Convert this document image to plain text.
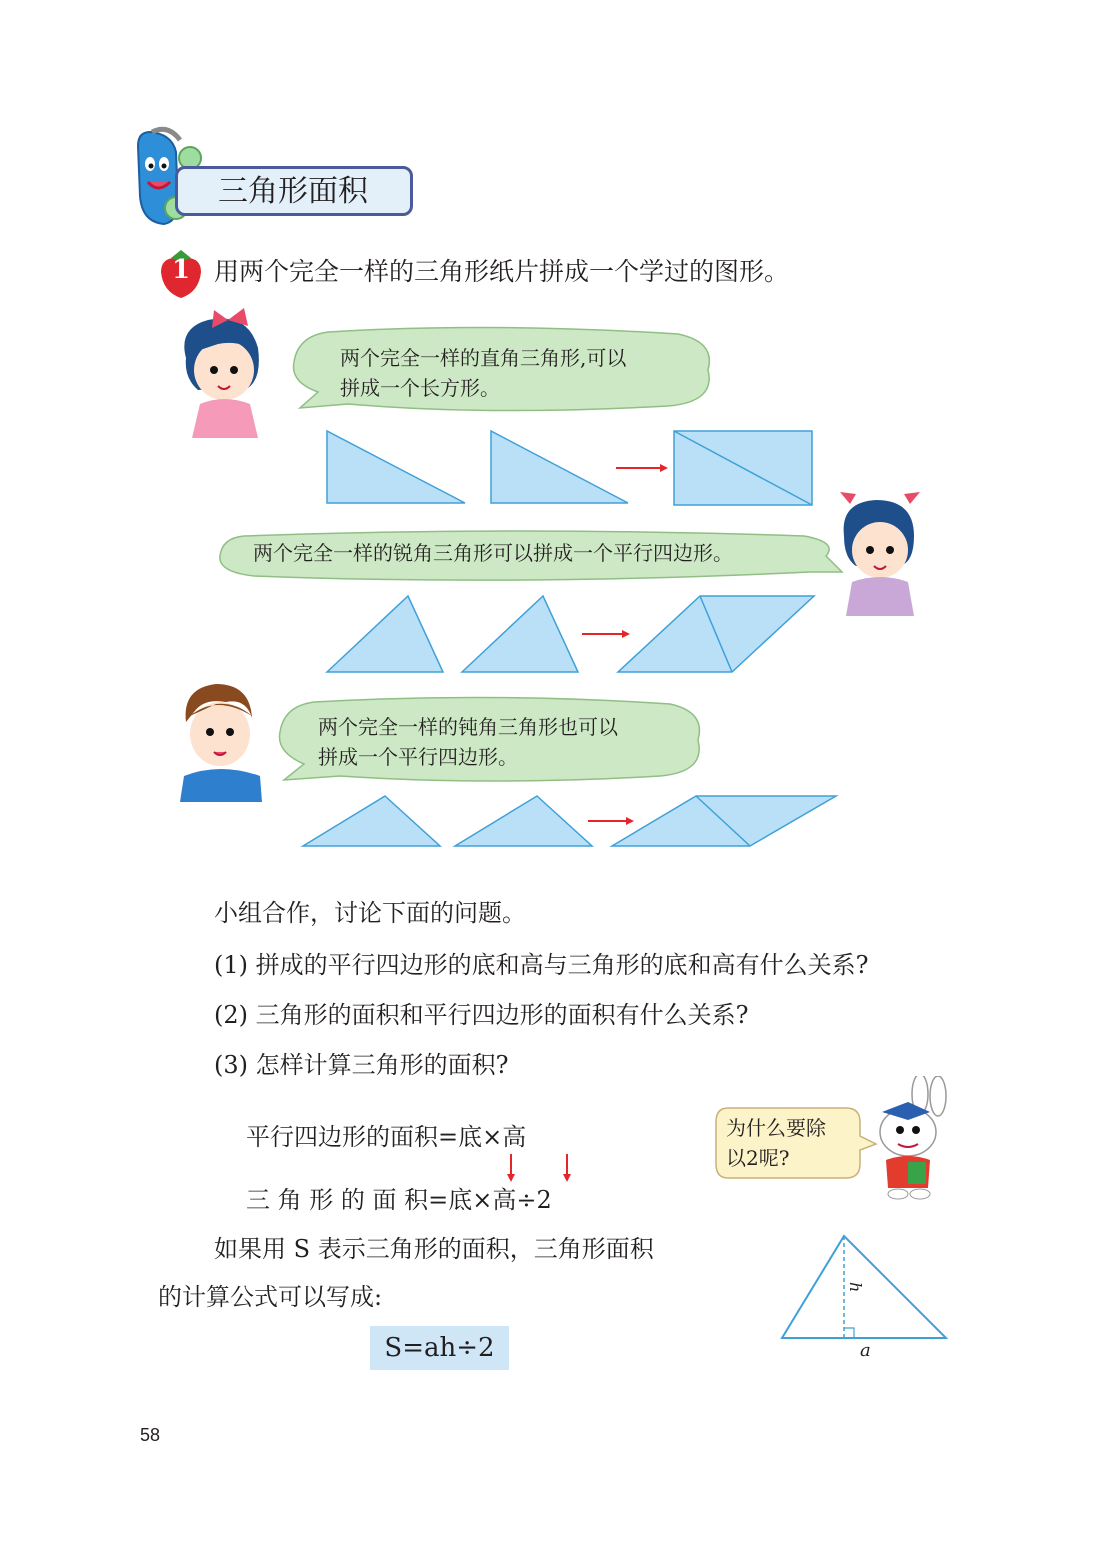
三角形面积
1 用两个完全一样的三角形纸片拼成一个学过的图形。
两个完全一样的直角三角形,可以
拼成一个长方形。
两个完全一样的锐角三角形可以拼成一个平行四边形。
两个完全一样的钝角三角形也可以
拼成一个平行四边形。
小组合作，讨论下面的问题。
(1) 拼成的平行四边形的底和高与三角形的底和高有什么关系?
(2) 三角形的面积和平行四边形的面积有什么关系?
(3) 怎样计算三角形的面积?
平行四边形的面积=底×高
三 角 形 的 面 积=底×高÷2
为什么要除
以2呢?
如果用 S 表示三角形的面积，三角形面积
的计算公式可以写成:
S=ah÷2
h
a
58
